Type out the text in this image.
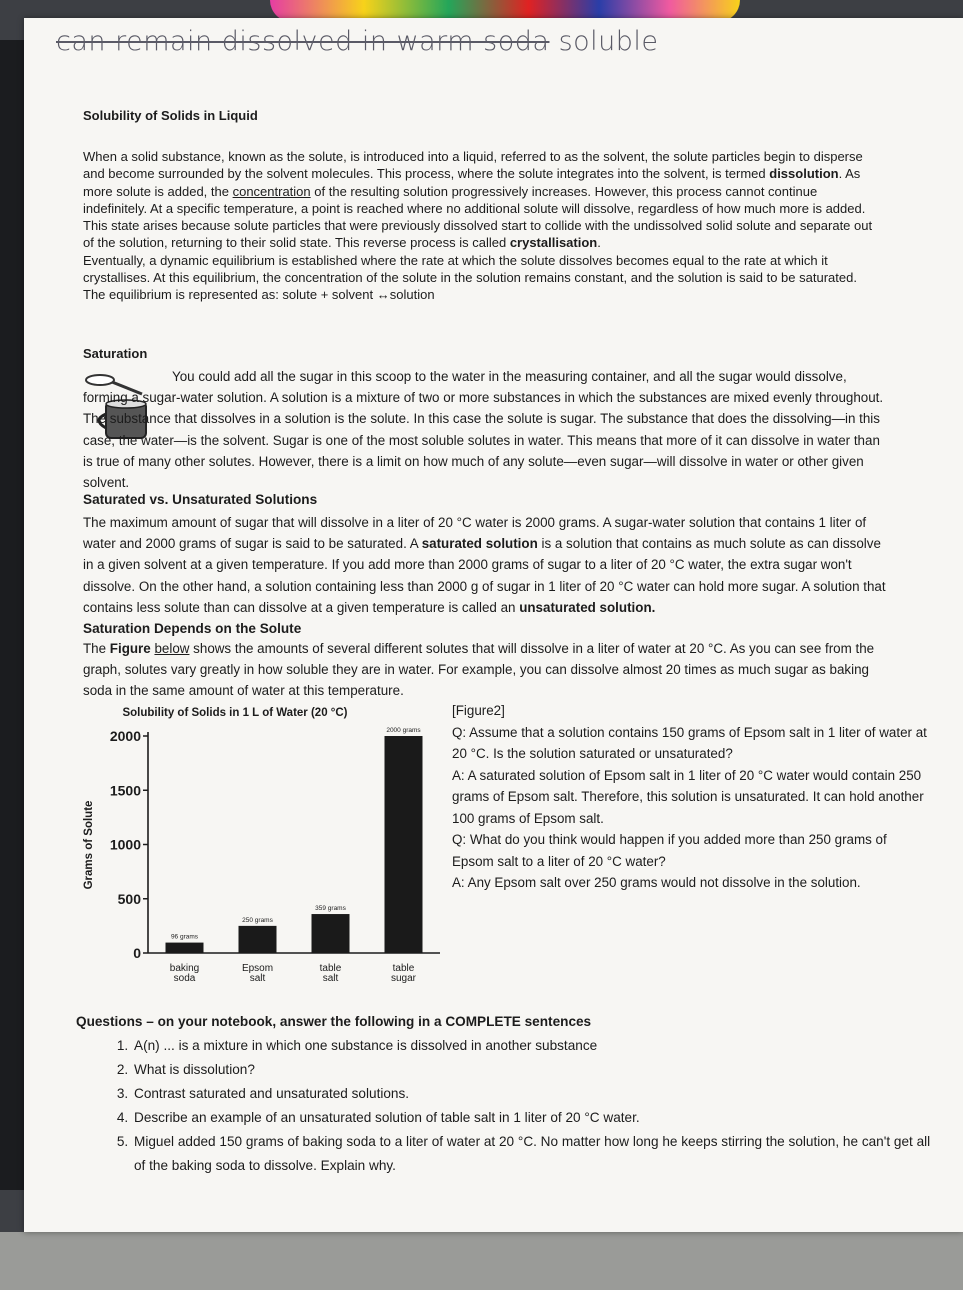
can remain dissolved in warm soda soluble
Solubility of Solids in Liquid

When a solid substance, known as the solute, is introduced into a liquid, referred to as the solvent, the solute particles begin to disperse and become surrounded by the solvent molecules. This process, where the solute integrates into the solvent, is termed dissolution. As more solute is added, the concentration of the resulting solution progressively increases. However, this process cannot continue indefinitely. At a specific temperature, a point is reached where no additional solute will dissolve, regardless of how much more is added. This state arises because solute particles that were previously dissolved start to collide with the undissolved solid solute and separate out of the solution, returning to their solid state. This reverse process is called crystallisation.

Eventually, a dynamic equilibrium is established where the rate at which the solute dissolves becomes equal to the rate at which it crystallises. At this equilibrium, the concentration of the solute in the solution remains constant, and the solution is said to be saturated. The equilibrium is represented as: solute + solvent ↔solution

Saturation
You could add all the sugar in this scoop to the water in the measuring container, and all the sugar would dissolve, forming a sugar-water solution. A solution is a mixture of two or more substances in which the substances are mixed evenly throughout. The substance that dissolves in a solution is the solute. In this case the solute is sugar. The substance that does the dissolving—in this case, the water—is the solvent. Sugar is one of the most soluble solutes in water. This means that more of it can dissolve in water than is true of many other solutes. However, there is a limit on how much of any solute—even sugar—will dissolve in water or other given solvent.
Saturated vs. Unsaturated Solutions
The maximum amount of sugar that will dissolve in a liter of 20 °C water is 2000 grams. A sugar-water solution that contains 1 liter of water and 2000 grams of sugar is said to be saturated. A saturated solution is a solution that contains as much solute as can dissolve in a given solvent at a given temperature. If you add more than 2000 grams of sugar to a liter of 20 °C water, the extra sugar won't dissolve. On the other hand, a solution containing less than 2000 g of sugar in 1 liter of 20 °C water can hold more sugar. A solution that contains less solute than can dissolve at a given temperature is called an unsaturated solution.
Saturation Depends on the Solute
The Figure below shows the amounts of several different solutes that will dissolve in a liter of water at 20 °C. As you can see from the graph, solutes vary greatly in how soluble they are in water. For example, you can dissolve almost 20 times as much sugar as baking soda in the same amount of water at this temperature.
Solubility of Solids in 1 L of Water (20 °C)
Grams of Solute
0
500
1000
1500
2000
96 grams
baking
soda
250 grams
Epsom
salt
359 grams
table
salt
2000 grams
table
sugar

[Figure2]

Q: Assume that a solution contains 150 grams of Epsom salt in 1 liter of water at 20 °C. Is the solution saturated or unsaturated?

A: A saturated solution of Epsom salt in 1 liter of 20 °C water would contain 250 grams of Epsom salt. Therefore, this solution is unsaturated. It can hold another 100 grams of Epsom salt.

Q: What do you think would happen if you added more than 250 grams of Epsom salt to a liter of 20 °C water?

A: Any Epsom salt over 250 grams would not dissolve in the solution.

Questions – on your notebook, answer the following in a COMPLETE sentences
1. A(n) ... is a mixture in which one substance is dissolved in another substance
2. What is dissolution?
3. Contrast saturated and unsaturated solutions.
4. Describe an example of an unsaturated solution of table salt in 1 liter of 20 °C water.
5. Miguel added 150 grams of baking soda to a liter of water at 20 °C. No matter how long he keeps stirring the solution, he can't get all of the baking soda to dissolve. Explain why.
